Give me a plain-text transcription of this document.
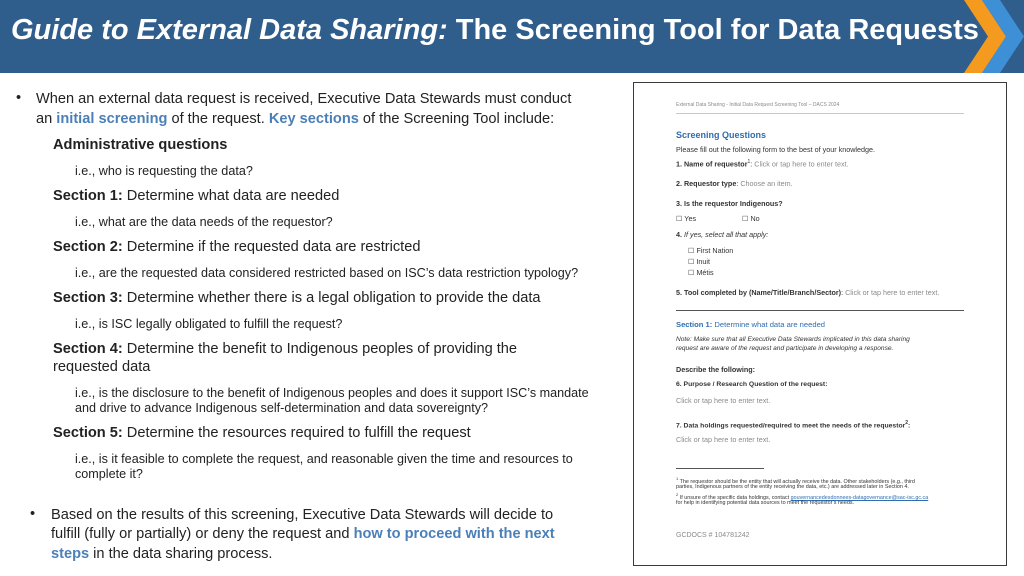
Guide to External Data Sharing: The Screening Tool for Data Requests
• When an external data request is received, Executive Data Stewards must conduct
an initial screening of the request. Key sections of the Screening Tool include:
Administrative questions
i.e., who is requesting the data?
Section 1: Determine what data are needed
i.e., what are the data needs of the requestor?
Section 2: Determine if the requested data are restricted
i.e., are the requested data considered restricted based on ISC’s data restriction typology?
Section 3: Determine whether there is a legal obligation to provide the data
i.e., is ISC legally obligated to fulfill the request?
Section 4: Determine the benefit to Indigenous peoples of providing the
requested data
i.e., is the disclosure to the benefit of Indigenous peoples and does it support ISC’s mandate
and drive to advance Indigenous self-determination and data sovereignty?
Section 5: Determine the resources required to fulfill the request
i.e., is it feasible to complete the request, and reasonable given the time and resources to
complete it?
• Based on the results of this screening, Executive Data Stewards will decide to
fulfill (fully or partially) or deny the request and how to proceed with the next
steps in the data sharing process.
External Data Sharing - Initial Data Request Screening Tool – DACS 2024
Screening Questions
Please fill out the following form to the best of your knowledge.
1. Name of requestor$^1$: Click or tap here to enter text.
2. Requestor type: Choose an item.
3. Is the requestor Indigenous?
☐ Yes	☐ No
4. If yes, select all that apply:
☐ First Nation
☐ Inuit
☐ Métis
5. Tool completed by (Name/Title/Branch/Sector): Click or tap here to enter text.
Section 1: Determine what data are needed
Note: Make sure that all Executive Data Stewards implicated in this data sharing
request are aware of the request and participate in developing a response.
Describe the following:
6. Purpose / Research Question of the request:
Click or tap here to enter text.
7. Data holdings requested/required to meet the needs of the requestor$^2$:
Click or tap here to enter text.
$^1$ The requestor should be the entity that will actually receive the data. Other stakeholders (e.g., third
parties, Indigenous partners of the entity receiving the data, etc.) are addressed later in Section 4.
$^2$ If unsure of the specific data holdings, contact gouvernancedesdonnees-datagovernance@sac-isc.gc.ca
for help in identifying potential data sources to meet the requestor’s needs.
GCDOCS # 104781242
